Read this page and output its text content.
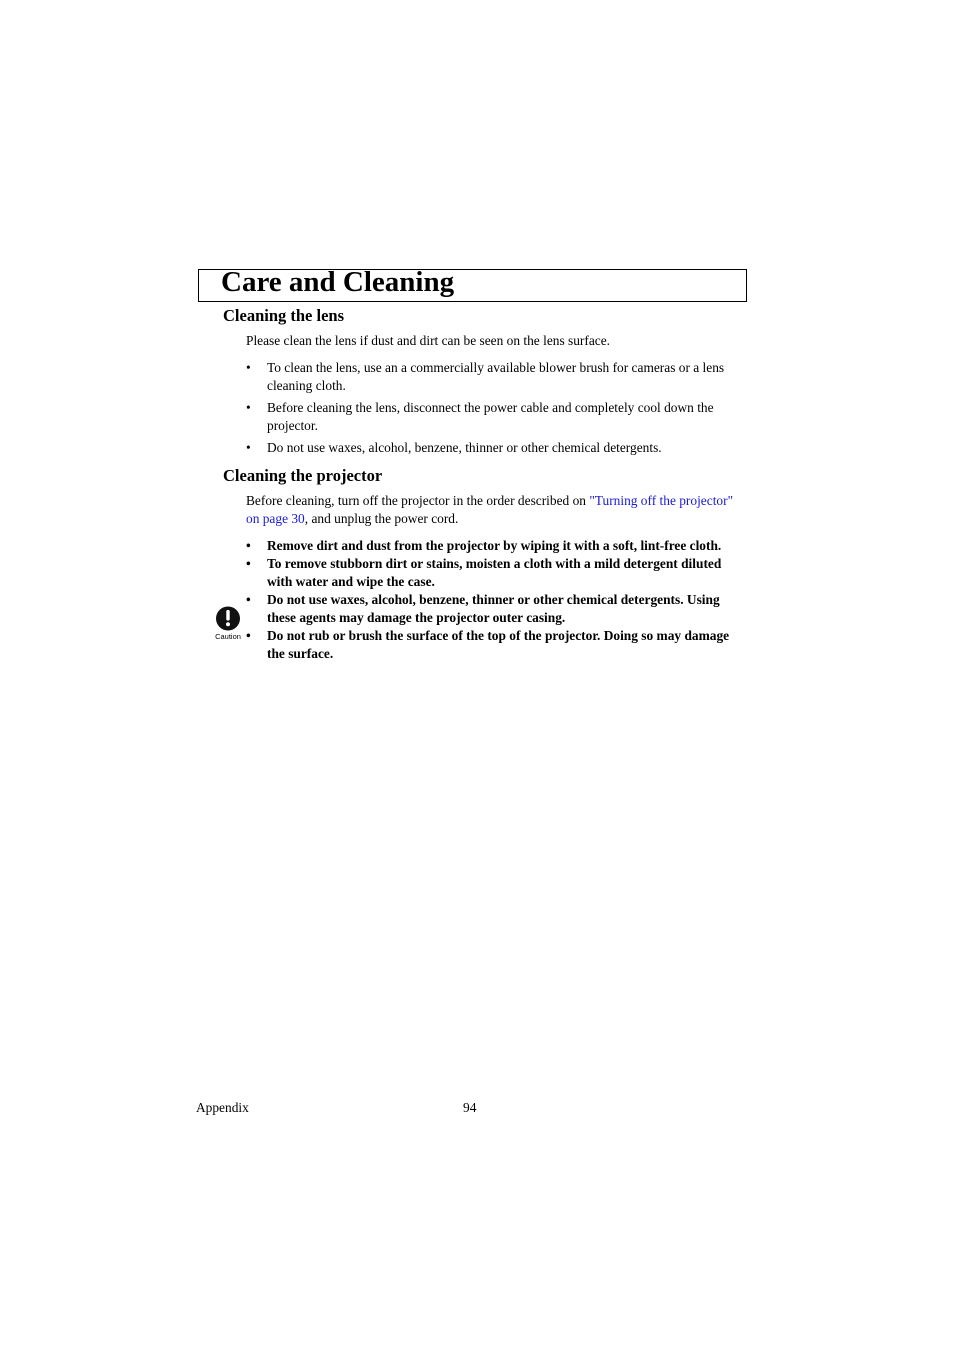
Care and Cleaning
Cleaning the lens

Please clean the lens if dust and dirt can be seen on the lens surface.

• To clean the lens, use an a commercially available blower brush for cameras or a lens cleaning cloth.
• Before cleaning the lens, disconnect the power cable and completely cool down the projector.
• Do not use waxes, alcohol, benzene, thinner or other chemical detergents.
Cleaning the projector

Before cleaning, turn off the projector in the order described on "Turning off the projector" on page 30, and unplug the power cord.

Caution
• Remove dirt and dust from the projector by wiping it with a soft, lint-free cloth.
• To remove stubborn dirt or stains, moisten a cloth with a mild detergent diluted with water and wipe the case.
• Do not use waxes, alcohol, benzene, thinner or other chemical detergents. Using these agents may damage the projector outer casing.
• Do not rub or brush the surface of the top of the projector. Doing so may damage the surface.
Appendix	94
